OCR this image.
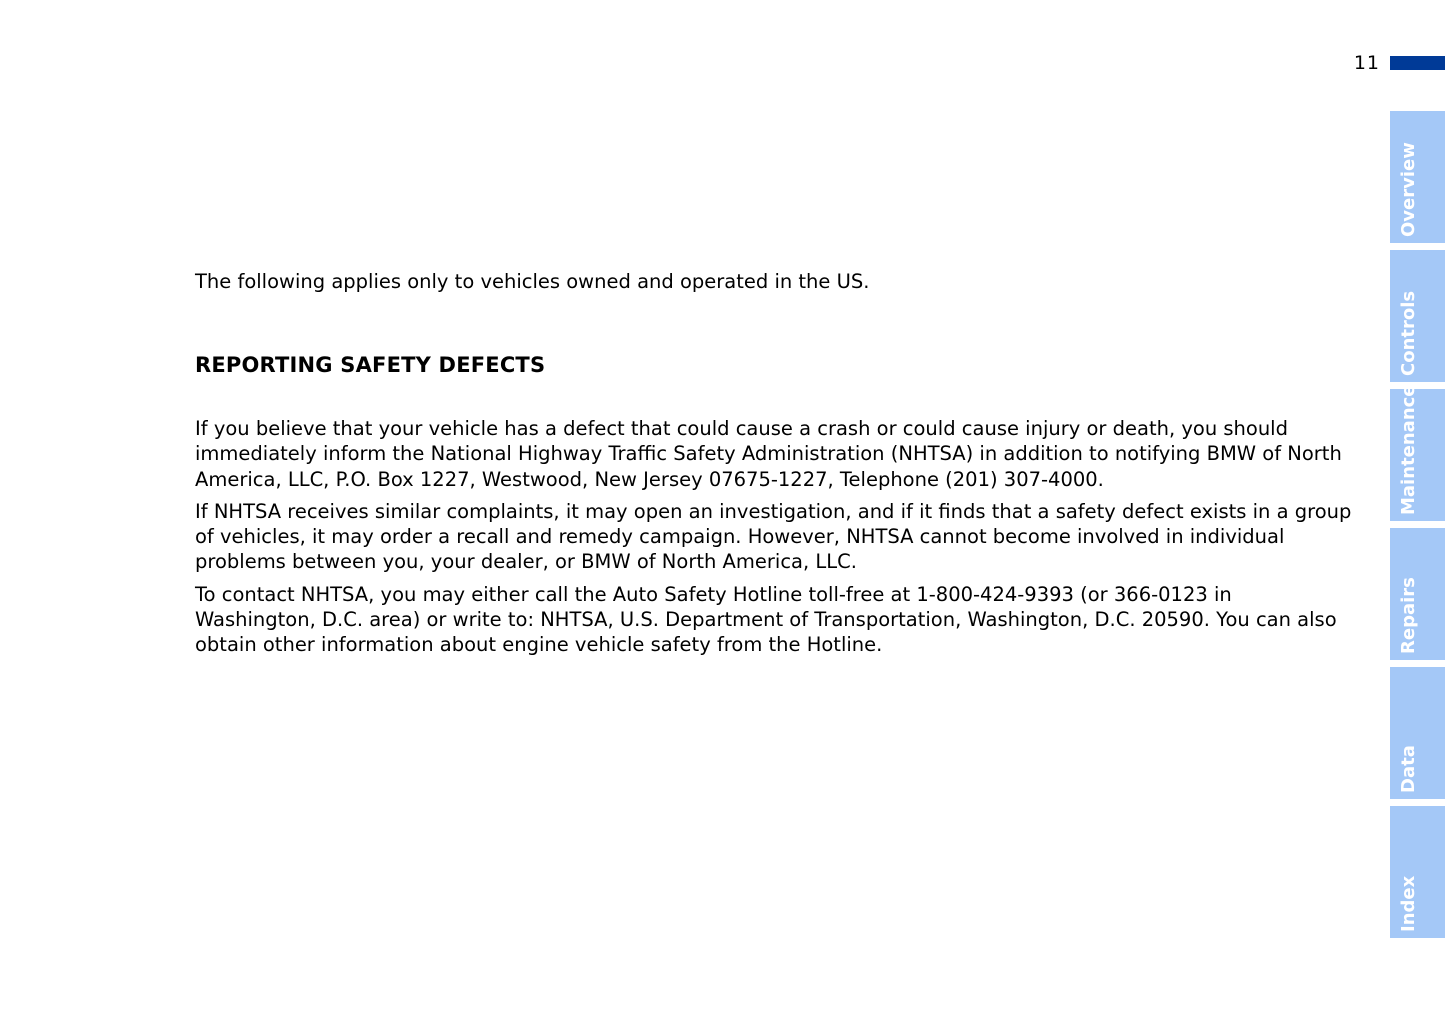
11

The following applies only to vehicles owned and operated in the US.

REPORTING SAFETY DEFECTS

If you believe that your vehicle has a defect that could cause a crash or could cause injury or death, you should immediately inform the National Highway Traffic Safety Administration (NHTSA) in addition to notifying BMW of North America, LLC, P.O. Box 1227, Westwood, New Jersey 07675-1227, Telephone (201) 307-4000.

If NHTSA receives similar complaints, it may open an investigation, and if it finds that a safety defect exists in a group of vehicles, it may order a recall and remedy campaign. However, NHTSA cannot become involved in individual problems between you, your dealer, or BMW of North America, LLC.

To contact NHTSA, you may either call the Auto Safety Hotline toll-free at 1-800-424-9393 (or 366-0123 in Washington, D.C. area) or write to: NHTSA, U.S. Department of Transportation, Washington, D.C. 20590. You can also obtain other information about engine vehicle safety from the Hotline.

Overview
Controls
Maintenance
Repairs
Data
Index
